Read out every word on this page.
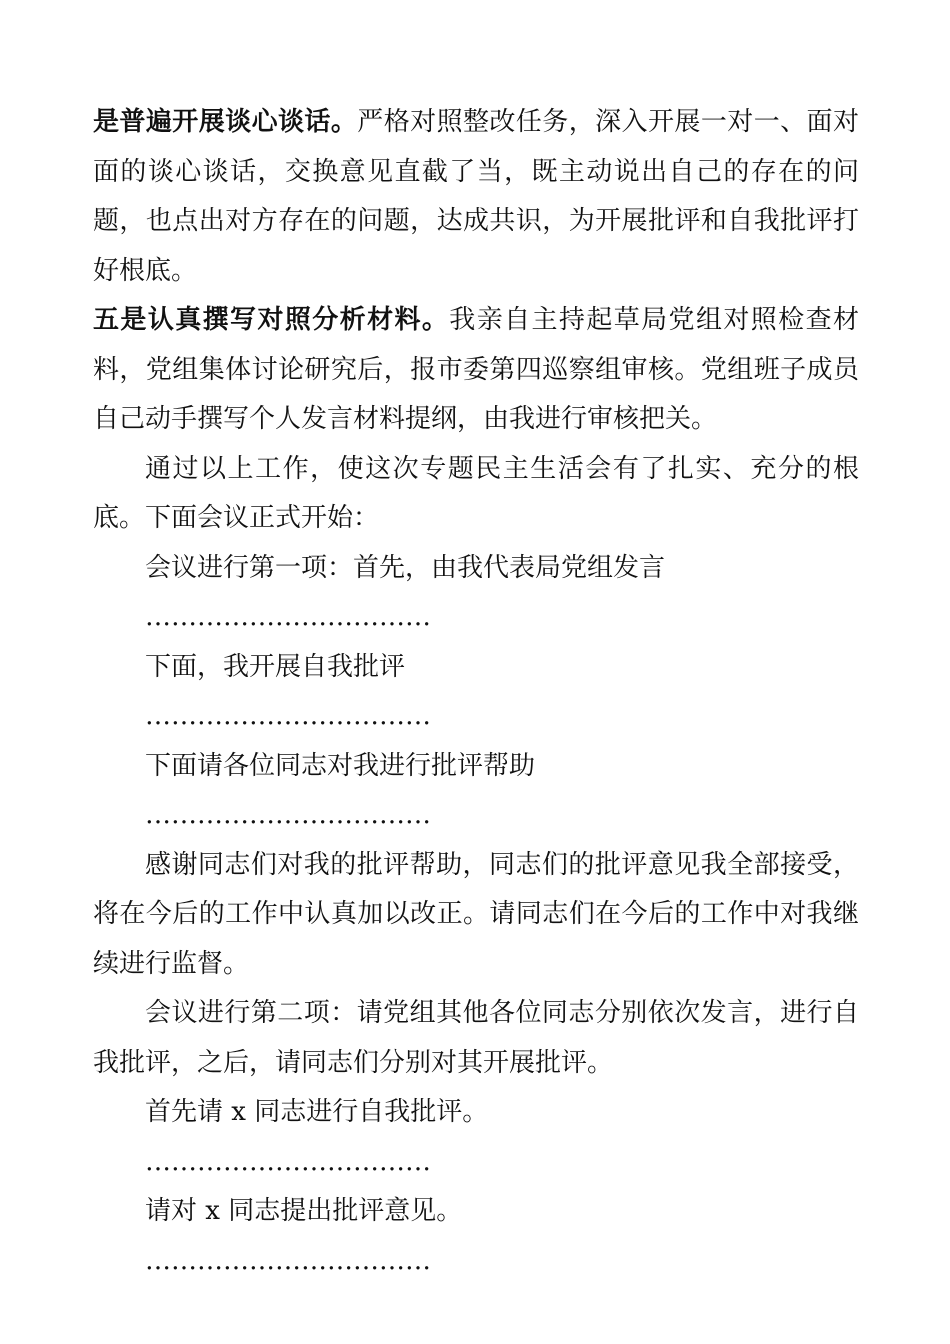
是普遍开展谈心谈话。严格对照整改任务，深入开展一对一、面对面的谈心谈话，交换意见直截了当，既主动说出自己的存在的问题，也点出对方存在的问题，达成共识，为开展批评和自我批评打好根底。

五是认真撰写对照分析材料。我亲自主持起草局党组对照检查材料，党组集体讨论研究后，报市委第四巡察组审核。党组班子成员自己动手撰写个人发言材料提纲，由我进行审核把关。

通过以上工作，使这次专题民主生活会有了扎实、充分的根底。下面会议正式开始：

会议进行第一项：首先，由我代表局党组发言

……………………………

下面，我开展自我批评

……………………………

下面请各位同志对我进行批评帮助

……………………………

感谢同志们对我的批评帮助，同志们的批评意见我全部接受，将在今后的工作中认真加以改正。请同志们在今后的工作中对我继续进行监督。

会议进行第二项：请党组其他各位同志分别依次发言，进行自我批评，之后，请同志们分别对其开展批评。

首先请 x 同志进行自我批评。

……………………………

请对 x 同志提出批评意见。

……………………………
